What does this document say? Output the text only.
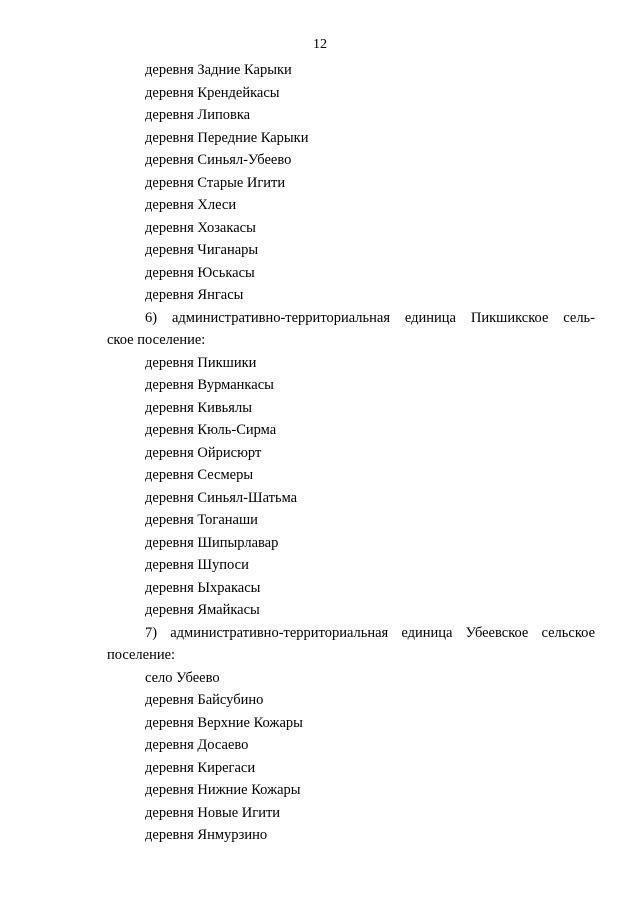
12
деревня Задние Карыки
деревня Крендейкасы
деревня Липовка
деревня Передние Карыки
деревня Синьял-Убеево
деревня Старые Игити
деревня Хлеси
деревня Хозакасы
деревня Чиганары
деревня Юськасы
деревня Янгасы
6) административно-территориальная единица Пикшикское сель-
ское поселение:
деревня Пикшики
деревня Вурманкасы
деревня Кивьялы
деревня Кюль-Сирма
деревня Ойрисюрт
деревня Сесмеры
деревня Синьял-Шатьма
деревня Тоганаши
деревня Шипырлавар
деревня Шупоси
деревня Ыхракасы
деревня Ямайкасы
7) административно-территориальная единица Убеевское сельское
поселение:
село Убеево
деревня Байсубино
деревня Верхние Кожары
деревня Досаево
деревня Кирегаси
деревня Нижние Кожары
деревня Новые Игити
деревня Янмурзино
